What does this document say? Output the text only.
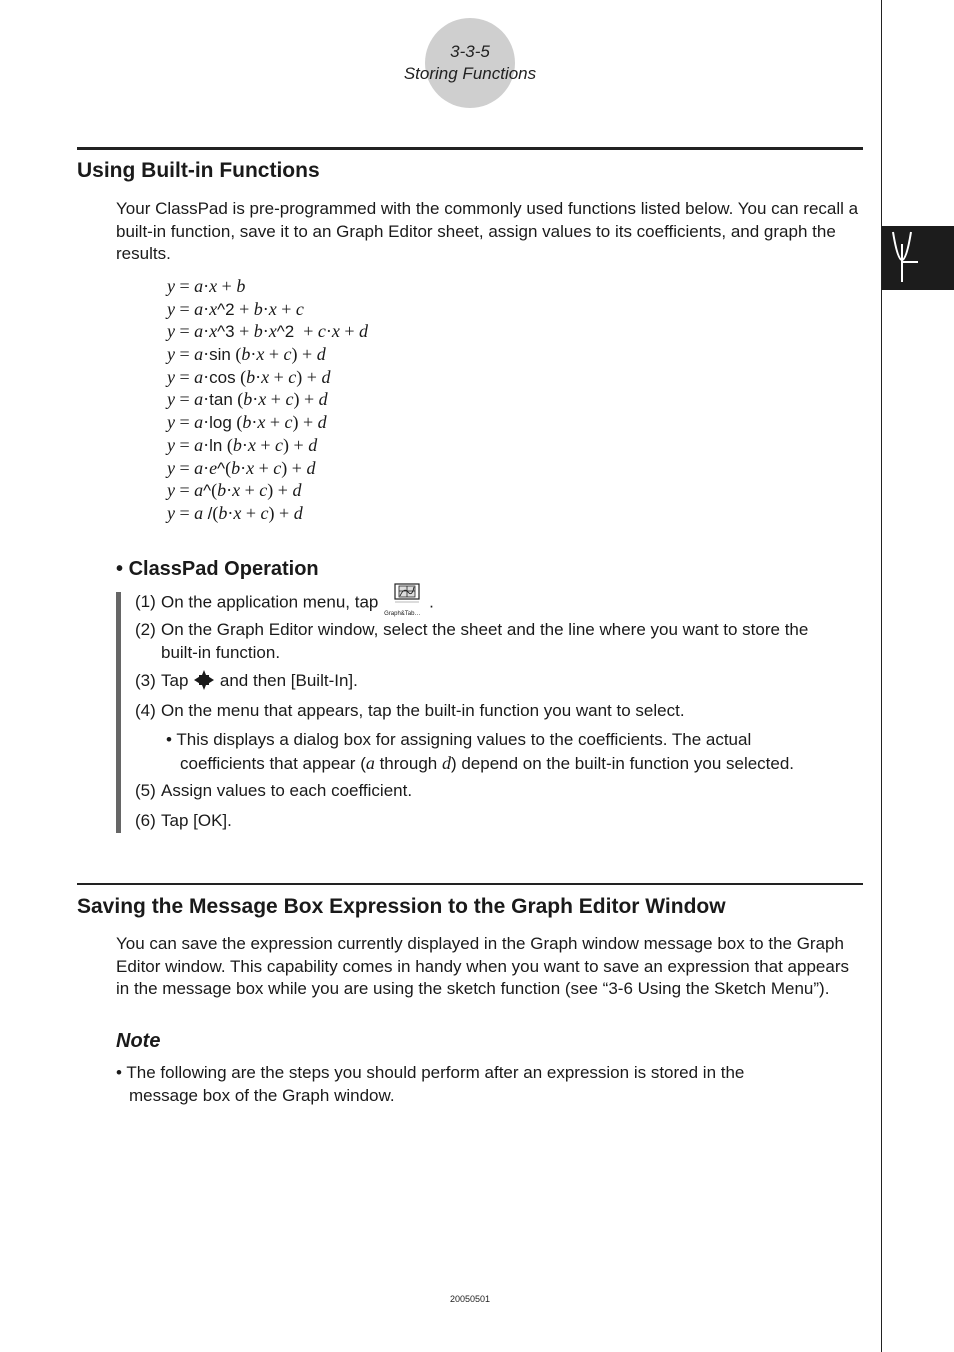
3-3-5
Storing Functions
Using Built-in Functions
Your ClassPad is pre-programmed with the commonly used functions listed below. You can recall a built-in function, save it to an Graph Editor sheet, assign values to its coefficients, and graph the results.
y = a·x + b
y = a·x^2 + b·x + c
y = a·x^3 + b·x^2  + c·x + d
y = a·sin (b·x + c) + d
y = a·cos (b·x + c) + d
y = a·tan (b·x + c) + d
y = a·log (b·x + c) + d
y = a·ln (b·x + c) + d
y = a·e^(b·x + c) + d
y = a^(b·x + c) + d
y = a /(b·x + c) + d
• ClassPad Operation
(1) On the application menu, tap
Graph&Tab…
.
(2) On the Graph Editor window, select the sheet and the line where you want to store the
built-in function.
(3) Tap and then [Built-In].
(4) On the menu that appears, tap the built-in function you want to select.
• This displays a dialog box for assigning values to the coefficients. The actual
coefficients that appear (a through d) depend on the built-in function you selected.
(5) Assign values to each coefficient.
(6) Tap [OK].
Saving the Message Box Expression to the Graph Editor Window
You can save the expression currently displayed in the Graph window message box to the Graph Editor window. This capability comes in handy when you want to save an expression that appears in the message box while you are using the sketch function (see “3-6 Using the Sketch Menu”).
Note
• The following are the steps you should perform after an expression is stored in the
message box of the Graph window.
20050501
